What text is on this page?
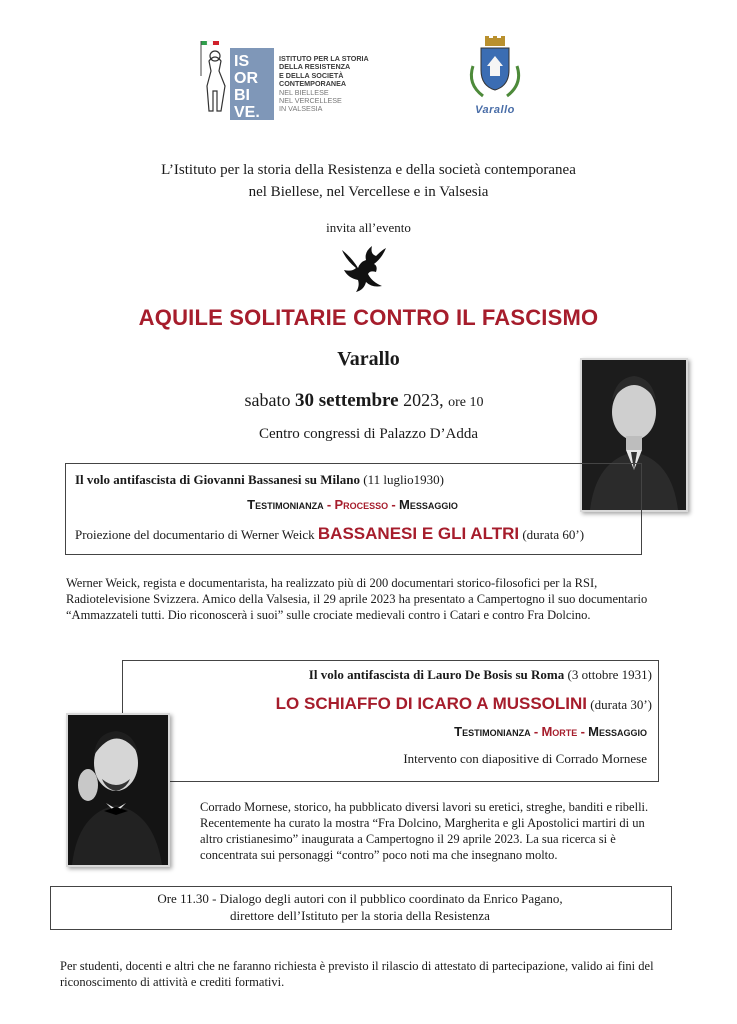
IS
OR
BI
VE.
ISTITUTO PER LA STORIA
DELLA RESISTENZA
E DELLA SOCIETÀ
CONTEMPORANEA
NEL BIELLESE
NEL VERCELLESE
IN VALSESIA	Varallo
L’Istituto per la storia della Resistenza e della società contemporanea
nel Biellese, nel Vercellese e in Valsesia
invita all’evento
AQUILE SOLITARIE CONTRO IL FASCISMO
Varallo
sabato 30 settembre 2023, ore 10
Centro congressi di Palazzo D’Adda
Il volo antifascista di Giovanni Bassanesi su Milano (11 luglio1930)
Testimonianza - Processo - Messaggio
Proiezione del documentario di Werner Weick BASSANESI E GLI ALTRI (durata 60’)
Werner Weick, regista e documentarista, ha realizzato più di 200 documentari storico-filosofici per la RSI, Radiotelevisione Svizzera. Amico della Valsesia, il 29 aprile 2023 ha presentato a Campertogno il suo documentario “Ammazzateli tutti. Dio riconoscerà i suoi” sulle crociate medievali contro i Catari e contro Fra Dolcino.
Il volo antifascista di Lauro De Bosis su Roma (3 ottobre 1931)
LO SCHIAFFO DI ICARO A MUSSOLINI (durata 30’)
Testimonianza - Morte - Messaggio
Intervento con diapositive di Corrado Mornese
Corrado Mornese, storico, ha pubblicato diversi lavori su eretici, streghe, banditi e ribelli. Recentemente ha curato la mostra “Fra Dolcino, Margherita e gli Apostolici martiri di un altro cristianesimo” inaugurata a Campertogno il 29 aprile 2023. La sua ricerca si è concentrata sui personaggi “contro” poco noti ma che insegnano molto.
Ore 11.30 - Dialogo degli autori con il pubblico coordinato da Enrico Pagano,
direttore dell’Istituto per la storia della Resistenza
Per studenti, docenti e altri che ne faranno richiesta è previsto il rilascio di attestato di partecipazione, valido ai fini del riconoscimento di attività e crediti formativi.
